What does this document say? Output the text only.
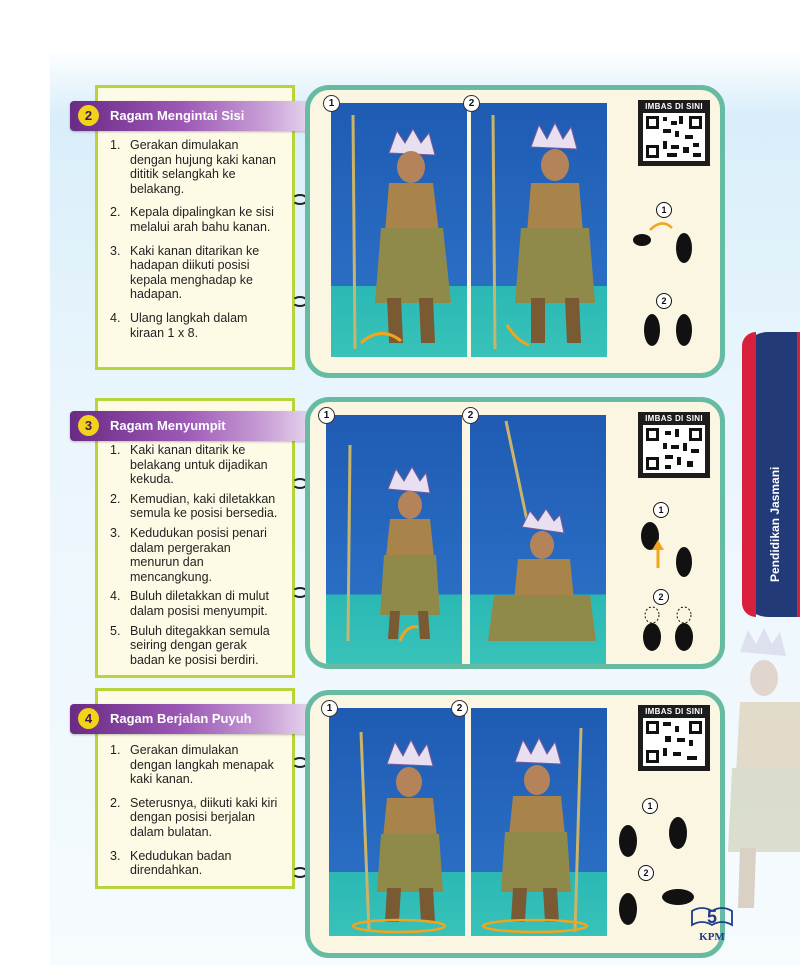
1. Gerakan dimulakan dengan hujung kaki kanan dititik selangkah ke belakang.
2. Kepala dipalingkan ke sisi melalui arah bahu kanan.
3. Kaki kanan ditarikan ke hadapan diikuti posisi kepala menghadap ke hadapan.
4. Ulang langkah dalam kiraan 1 x 8.
2	Ragam Mengintai Sisi
1	2	IMBAS DI SINI
1
2
1. Kaki kanan ditarik ke belakang untuk dijadikan kekuda.
2. Kemudian, kaki diletakkan semula ke posisi bersedia.
3. Kedudukan posisi penari dalam pergerakan menurun dan mencangkung.
4. Buluh diletakkan di mulut dalam posisi menyumpit.
5. Buluh ditegakkan semula seiring dengan gerak badan ke posisi berdiri.
3	Ragam Menyumpit
1	2	IMBAS DI SINI
1
2
1. Gerakan dimulakan dengan langkah menapak kaki kanan.
2. Seterusnya, diikuti kaki kiri dengan posisi berjalan dalam bulatan.
3. Kedudukan badan direndahkan.
4	Ragam Berjalan Puyuh
1	2	IMBAS DI SINI
1
2
Pendidikan Jasmani
5
KPM
